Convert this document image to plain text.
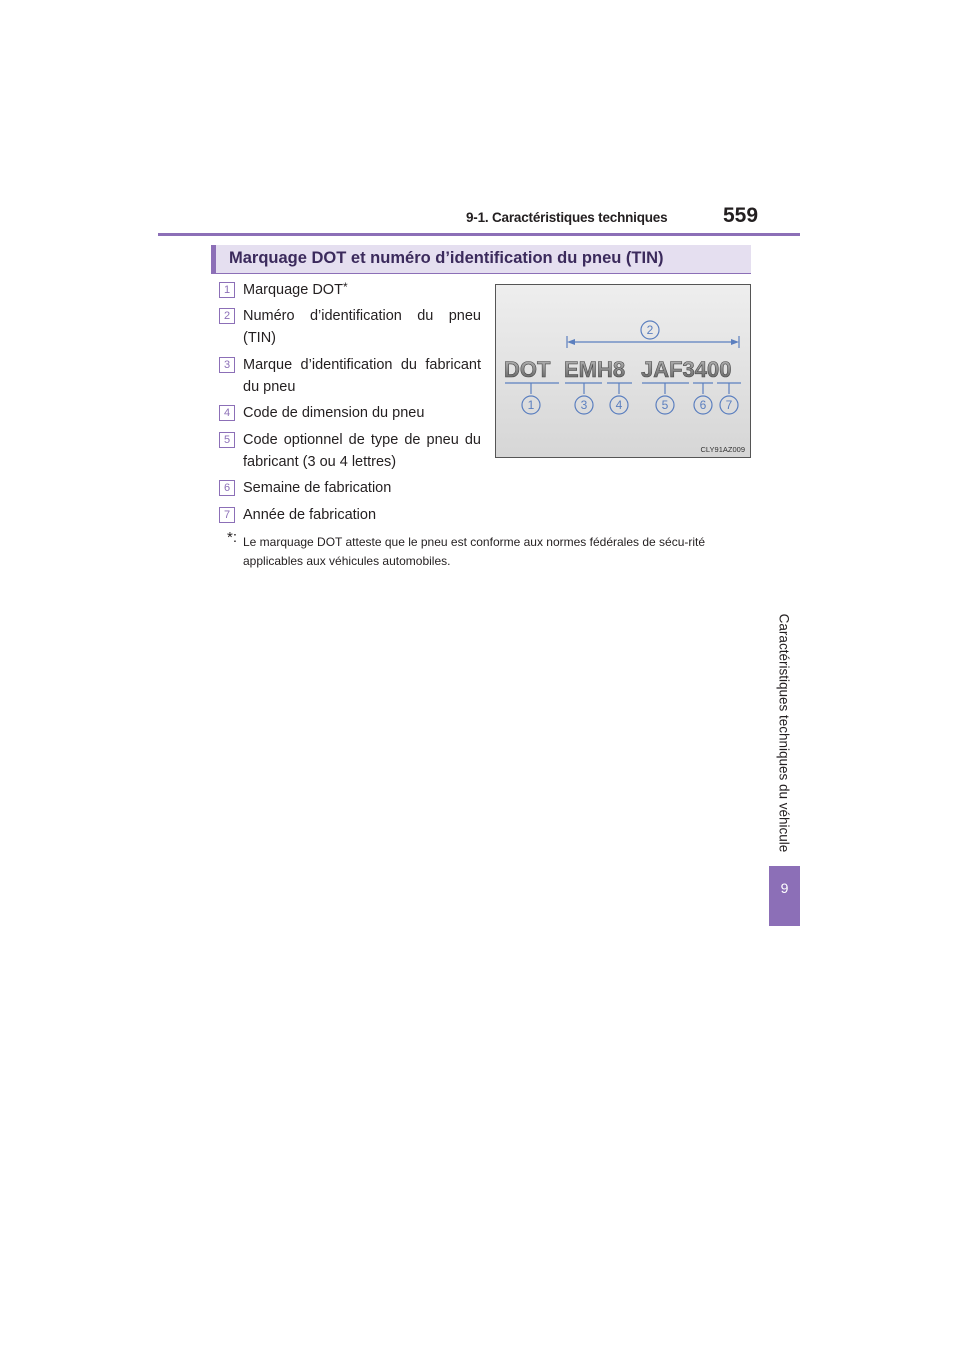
9-1. Caractéristiques techniques	559
Caractéristiques techniques du véhicule
9
Marquage DOT et numéro d’identification du pneu (TIN)
1 Marquage DOT*
2 Numéro d’identification du pneu
(TIN)
3 Marque d’identification du fabricant
du pneu
4 Code de dimension du pneu
5 Code optionnel de type de pneu du
fabricant (3 ou 4 lettres)
6 Semaine de fabrication
7 Année de fabrication
*: Le marquage DOT atteste que le pneu est conforme aux normes fédérales de sécu-rité applicables aux véhicules automobiles.
DOT EMH8 JAF3400
2
1	3 4	5	6 7
CLY91AZ009
